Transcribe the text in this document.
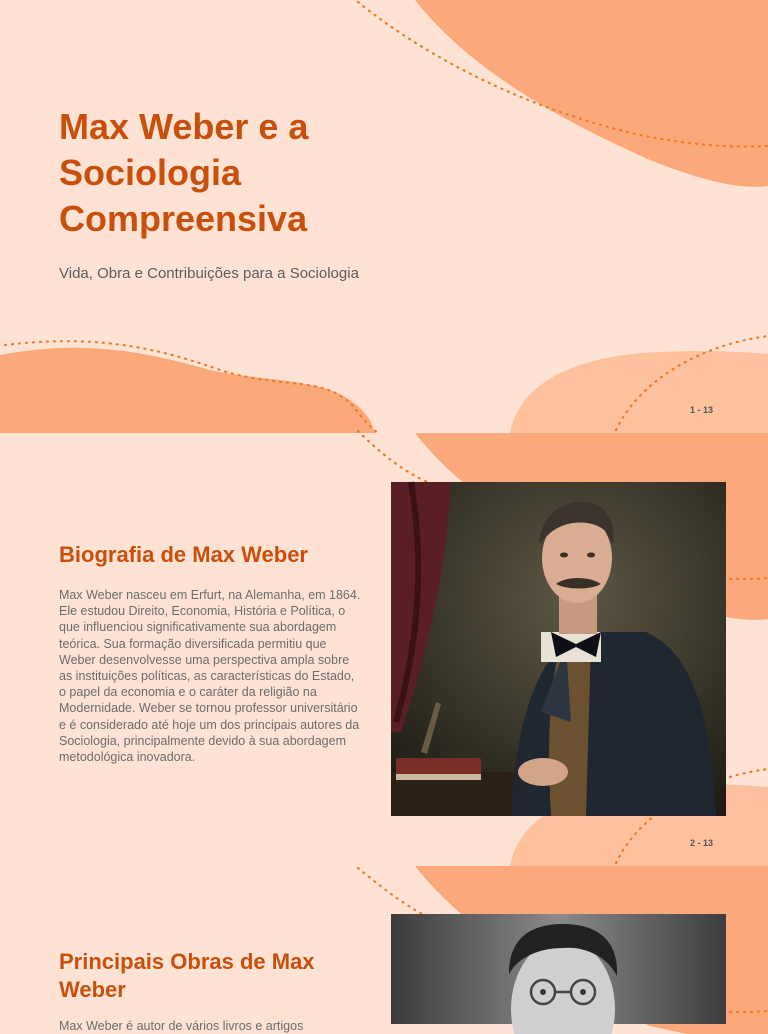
Max Weber e a Sociologia Compreensiva

Vida, Obra e Contribuições para a Sociologia

1 - 13
Biografia de Max Weber

Max Weber nasceu em Erfurt, na Alemanha, em 1864. Ele estudou Direito, Economia, História e Política, o que influenciou significativamente sua abordagem teórica. Sua formação diversificada permitiu que Weber desenvolvesse uma perspectiva ampla sobre as instituições políticas, as características do Estado, o papel da economia e o caráter da religião na Modernidade. Weber se tornou professor universitário e é considerado até hoje um dos principais autores da Sociologia, principalmente devido à sua abordagem metodológica inovadora.

2 - 13
Principais Obras de Max Weber

Max Weber é autor de vários livros e artigos
